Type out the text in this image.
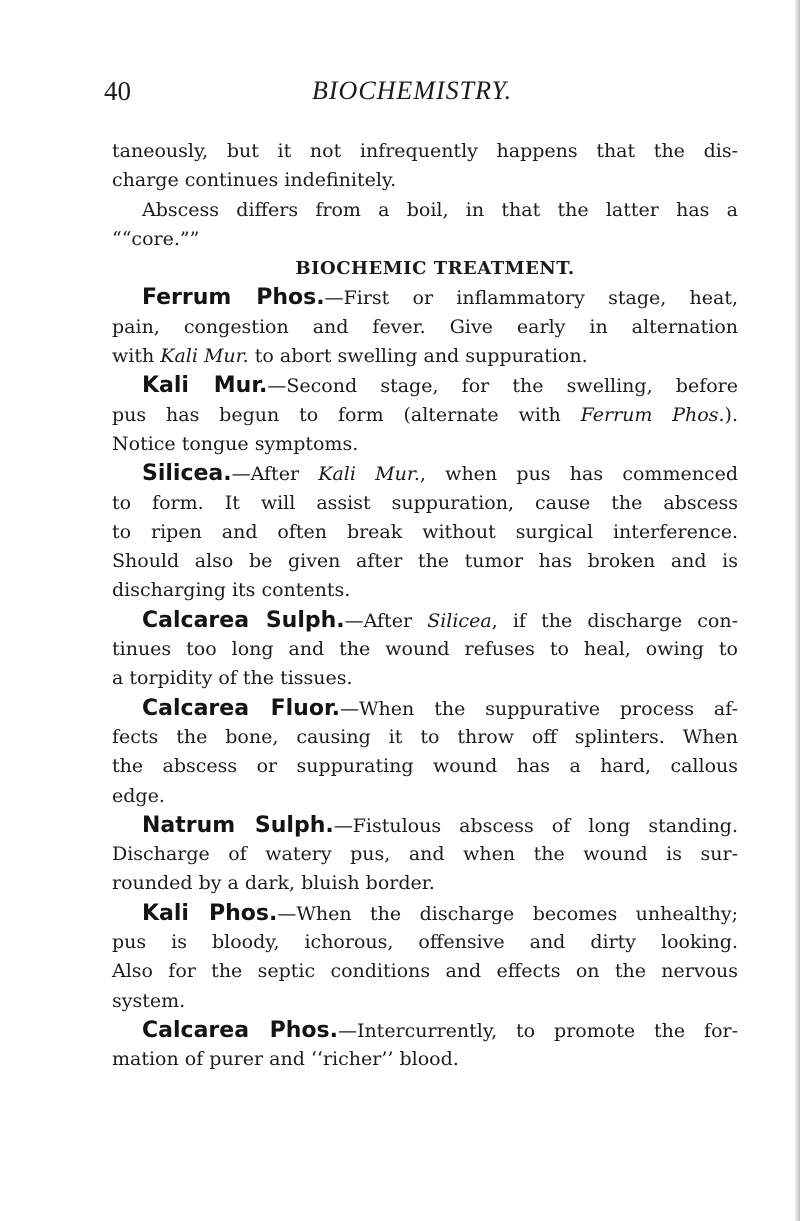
40	BIOCHEMISTRY.
taneously, but it not infrequently happens that the dis-
charge continues indefinitely.
Abscess differs from a boil, in that the latter has a
““core.””
BIOCHEMIC TREATMENT.
Ferrum Phos.—First or inflammatory stage, heat,
pain, congestion and fever. Give early in alternation
with Kali Mur. to abort swelling and suppuration.
Kali Mur.—Second stage, for the swelling, before
pus has begun to form (alternate with Ferrum Phos.).
Notice tongue symptoms.
Silicea.—After Kali Mur., when pus has commenced
to form. It will assist suppuration, cause the abscess
to ripen and often break without surgical interference.
Should also be given after the tumor has broken and is
discharging its contents.
Calcarea Sulph.—After Silicea, if the discharge con-
tinues too long and the wound refuses to heal, owing to
a torpidity of the tissues.
Calcarea Fluor.—When the suppurative process af-
fects the bone, causing it to throw off splinters. When
the abscess or suppurating wound has a hard, callous
edge.
Natrum Sulph.—Fistulous abscess of long standing.
Discharge of watery pus, and when the wound is sur-
rounded by a dark, bluish border.
Kali Phos.—When the discharge becomes unhealthy;
pus is bloody, ichorous, offensive and dirty looking.
Also for the septic conditions and effects on the nervous
system.
Calcarea Phos.—Intercurrently, to promote the for-
mation of purer and ‘‘richer’’ blood.
